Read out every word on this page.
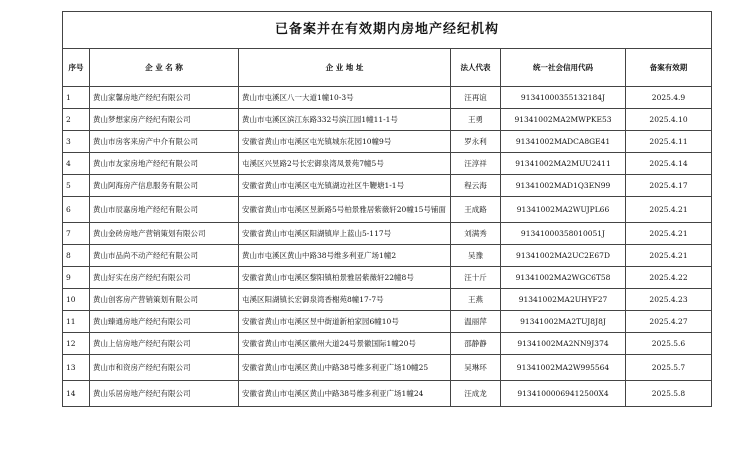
已备案并在有效期内房地产经纪机构					
序号	企 业 名 称	企 业 地 址	法人代表	统一社会信用代码	备案有效期
1	黄山家馨房地产经纪有限公司	黄山市屯溪区八一大道1幢10-3号	汪再谊	91341000355132184J	2025.4.9
2	黄山梦想家房产经纪有限公司	黄山市屯溪区滨江东路332号滨江园1幢11-1号	王勇	91341002MA2MWPKE53	2025.4.10
3	黄山市房客来房产中介有限公司	安徽省黄山市屯溪区屯光镇城东花园10幢9号	罗永利	91341002MADCA8GE41	2025.4.11
4	黄山市友家房地产经纪有限公司	屯溪区兴昱路2号长宏御泉湾凤景苑7幢5号	汪淳祥	91341002MA2MUU2411	2025.4.14
5	黄山阿海房产信息服务有限公司	安徽省黄山市屯溪区屯光镇湖边社区牛鞭塘1-1号	程云海	91341002MAD1Q3EN99	2025.4.17
6	黄山市辰嘉房地产经纪有限公司	安徽省黄山市屯溪区昱新路5号柏景雅居紫薇轩20幢15号铺面	王成路	91341002MA2WUJPL66	2025.4.21
7	黄山金砖房地产营销策划有限公司	安徽省黄山市屯溪区阳湖镇岸上蓝山5-117号	刘满秀	91341000358010051J	2025.4.21
8	黄山市品尚不动产经纪有限公司	黄山市屯溪区黄山中路38号维多利亚广场1幢2	吴豫	91341002MA2UC2E67D	2025.4.21
9	黄山好实在房产经纪有限公司	安徽省黄山市屯溪区黎阳镇柏景雅居紫薇轩22幢8号	汪十斤	91341002MA2WGC6T58	2025.4.22
10	黄山创客房产营销策划有限公司	屯溪区阳湖镇长宏御泉湾香榭苑8幢17-7号	王燕	91341002MA2UHYF27	2025.4.23
11	黄山臻通房地产经纪有限公司	安徽省黄山市屯溪区昱中街道新柏家园6幢10号	温丽萍	91341002MA2TUJ8J8J	2025.4.27
12	黄山上信房地产经纪有限公司	安徽省黄山市屯溪区徽州大道24号景徽国际1幢20号	邵静静	91341002MA2NN9J374	2025.5.6
13	黄山市和资房产经纪有限公司	安徽省黄山市屯溪区黄山中路38号维多利亚广场10幢25	吴琳环	91341002MA2W995564	2025.5.7
14	黄山乐居房地产经纪有限公司	安徽省黄山市屯溪区黄山中路38号维多利亚广场1幢24	汪成龙	91341000069412500X4	2025.5.8
